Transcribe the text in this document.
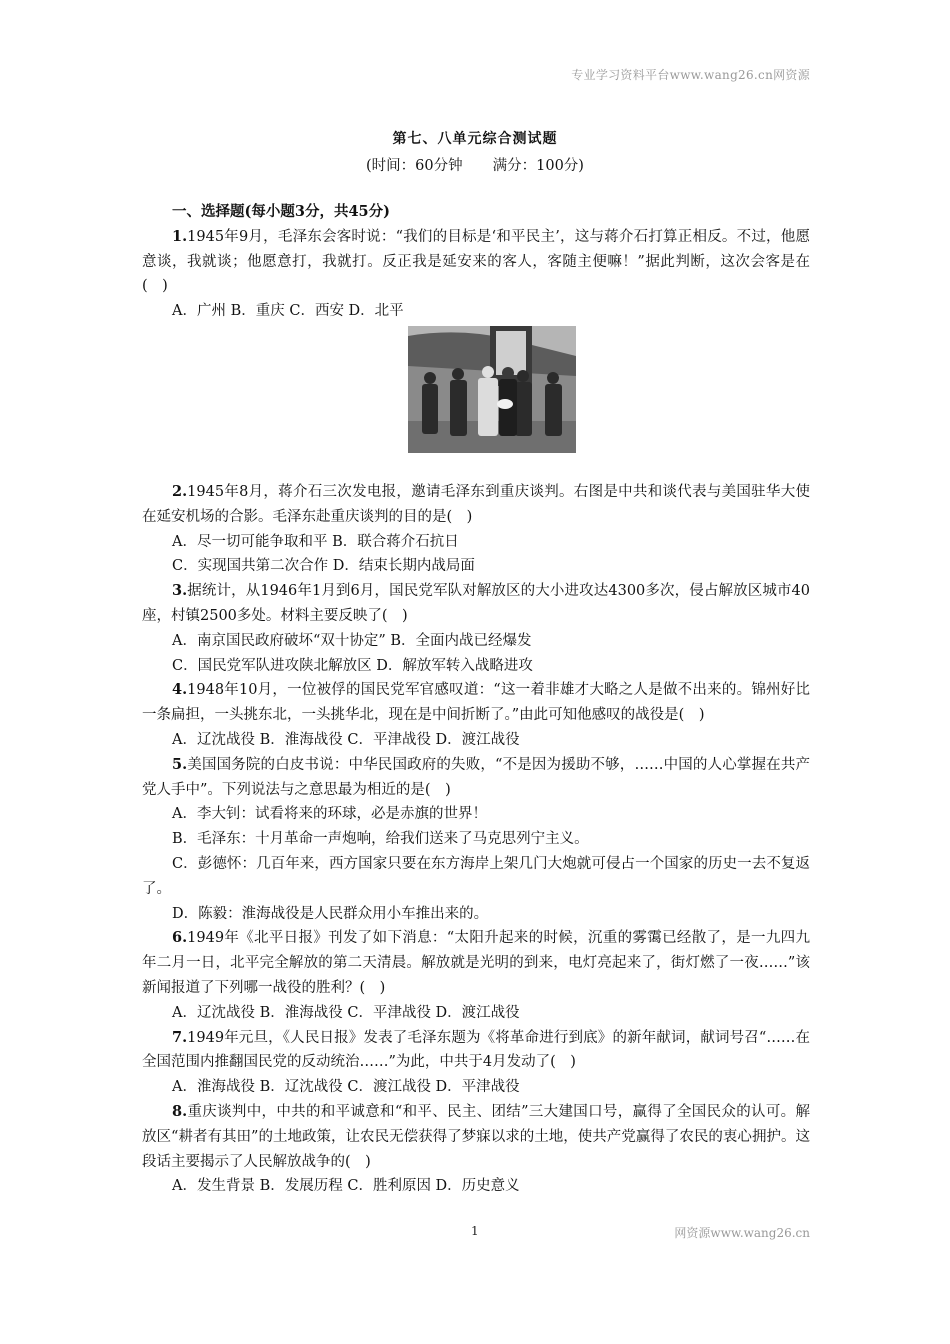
专业学习资料平台www.wang26.cn网资源
第七、八单元综合测试题
(时间：60分钟 满分：100分)

一、选择题(每小题3分，共45分)

1.1945年9月，毛泽东会客时说：“我们的目标是‘和平民主’，这与蒋介石打算正相反。不过，他愿意谈，我就谈；他愿意打，我就打。反正我是延安来的客人，客随主便嘛！”据此判断，这次会客是在(　)

A．广州 B．重庆 C．西安 D．北平

2.1945年8月，蒋介石三次发电报，邀请毛泽东到重庆谈判。右图是中共和谈代表与美国驻华大使在延安机场的合影。毛泽东赴重庆谈判的目的是(　)

A．尽一切可能争取和平 B．联合蒋介石抗日

C．实现国共第二次合作 D．结束长期内战局面

3.据统计，从1946年1月到6月，国民党军队对解放区的大小进攻达4300多次，侵占解放区城市40座，村镇2500多处。材料主要反映了(　)

A．南京国民政府破坏“双十协定” B．全面内战已经爆发

C．国民党军队进攻陕北解放区 D．解放军转入战略进攻

4.1948年10月，一位被俘的国民党军官感叹道：“这一着非雄才大略之人是做不出来的。锦州好比一条扁担，一头挑东北，一头挑华北，现在是中间折断了。”由此可知他感叹的战役是(　)

A．辽沈战役 B．淮海战役 C．平津战役 D．渡江战役

5.美国国务院的白皮书说：中华民国政府的失败，“不是因为援助不够，……中国的人心掌握在共产党人手中”。下列说法与之意思最为相近的是(　)

A．李大钊：试看将来的环球，必是赤旗的世界！

B．毛泽东：十月革命一声炮响，给我们送来了马克思列宁主义。

C．彭德怀：几百年来，西方国家只要在东方海岸上架几门大炮就可侵占一个国家的历史一去不复返了。

D．陈毅：淮海战役是人民群众用小车推出来的。

6.1949年《北平日报》刊发了如下消息：“太阳升起来的时候，沉重的雾霭已经散了，是一九四九年二月一日，北平完全解放的第二天清晨。解放就是光明的到来，电灯亮起来了，街灯燃了一夜……”该新闻报道了下列哪一战役的胜利？(　)

A．辽沈战役 B．淮海战役 C．平津战役 D．渡江战役

7.1949年元旦，《人民日报》发表了毛泽东题为《将革命进行到底》的新年献词，献词号召“……在全国范围内推翻国民党的反动统治……”为此，中共于4月发动了(　)

A．淮海战役 B．辽沈战役 C．渡江战役 D．平津战役

8.重庆谈判中，中共的和平诚意和“和平、民主、团结”三大建国口号，赢得了全国民众的认可。解放区“耕者有其田”的土地政策，让农民无偿获得了梦寐以求的土地，使共产党赢得了农民的衷心拥护。这段话主要揭示了人民解放战争的(　)

A．发生背景 B．发展历程 C．胜利原因 D．历史意义

1	网资源www.wang26.cn
